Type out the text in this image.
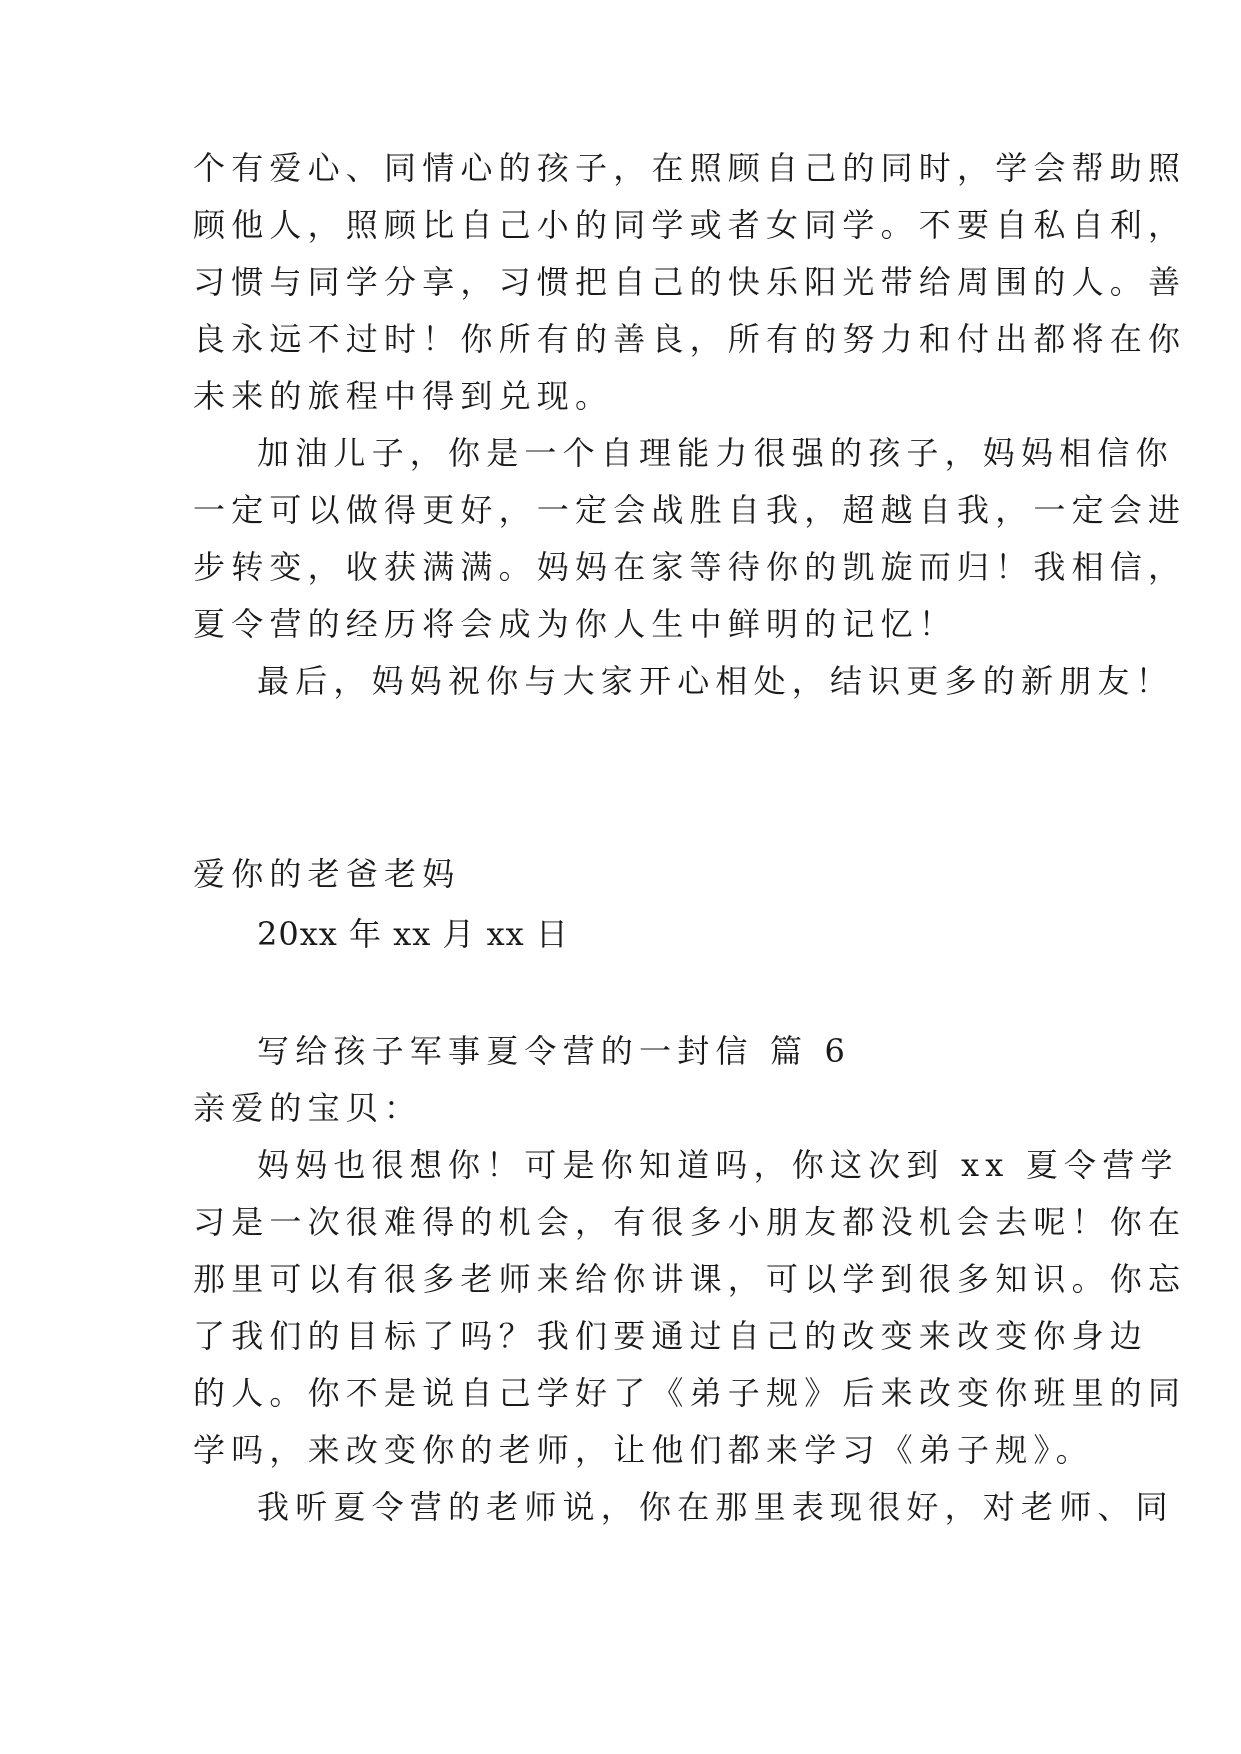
个有爱心、同情心的孩子，在照顾自己的同时，学会帮助照
顾他人，照顾比自己小的同学或者女同学。不要自私自利，
习惯与同学分享，习惯把自己的快乐阳光带给周围的人。善
良永远不过时！你所有的善良，所有的努力和付出都将在你
未来的旅程中得到兑现。
加油儿子，你是一个自理能力很强的孩子，妈妈相信你
一定可以做得更好，一定会战胜自我，超越自我，一定会进
步转变，收获满满。妈妈在家等待你的凯旋而归！我相信，
夏令营的经历将会成为你人生中鲜明的记忆！
最后，妈妈祝你与大家开心相处，结识更多的新朋友！
爱你的老爸老妈
20xx 年 xx 月 xx 日
写给孩子军事夏令营的一封信 篇 6
亲爱的宝贝：
妈妈也很想你！可是你知道吗，你这次到 xx 夏令营学
习是一次很难得的机会，有很多小朋友都没机会去呢！你在
那里可以有很多老师来给你讲课，可以学到很多知识。你忘
了我们的目标了吗？我们要通过自己的改变来改变你身边
的人。你不是说自己学好了《弟子规》后来改变你班里的同
学吗，来改变你的老师，让他们都来学习《弟子规》。
我听夏令营的老师说，你在那里表现很好，对老师、同
